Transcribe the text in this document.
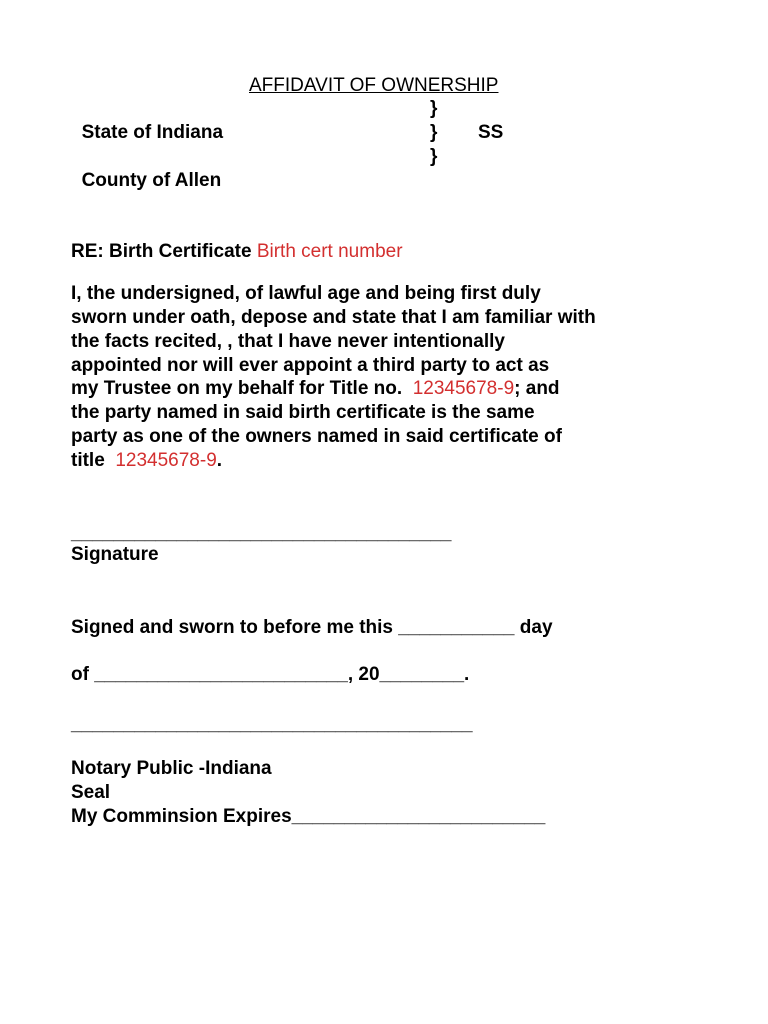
AFFIDAVIT OF OWNERSHIP

State of Indiana

}
} SS

County of Allen

}
RE: Birth Certificate Birth cert number
I, the undersigned, of lawful age and being first duly
sworn under oath, depose and state that I am familiar with
the facts recited, , that I have never intentionally
appointed nor will ever appoint a third party to act as
my Trustee on my behalf for Title no.  12345678-9; and
the party named in said birth certificate is the same
party as one of the owners named in said certificate of
title  12345678-9.
____________________________________
Signature
Signed and sworn to before me this ___________ day
of ________________________, 20________.
______________________________________
Notary Public -Indiana
Seal
My Comminsion Expires________________________
